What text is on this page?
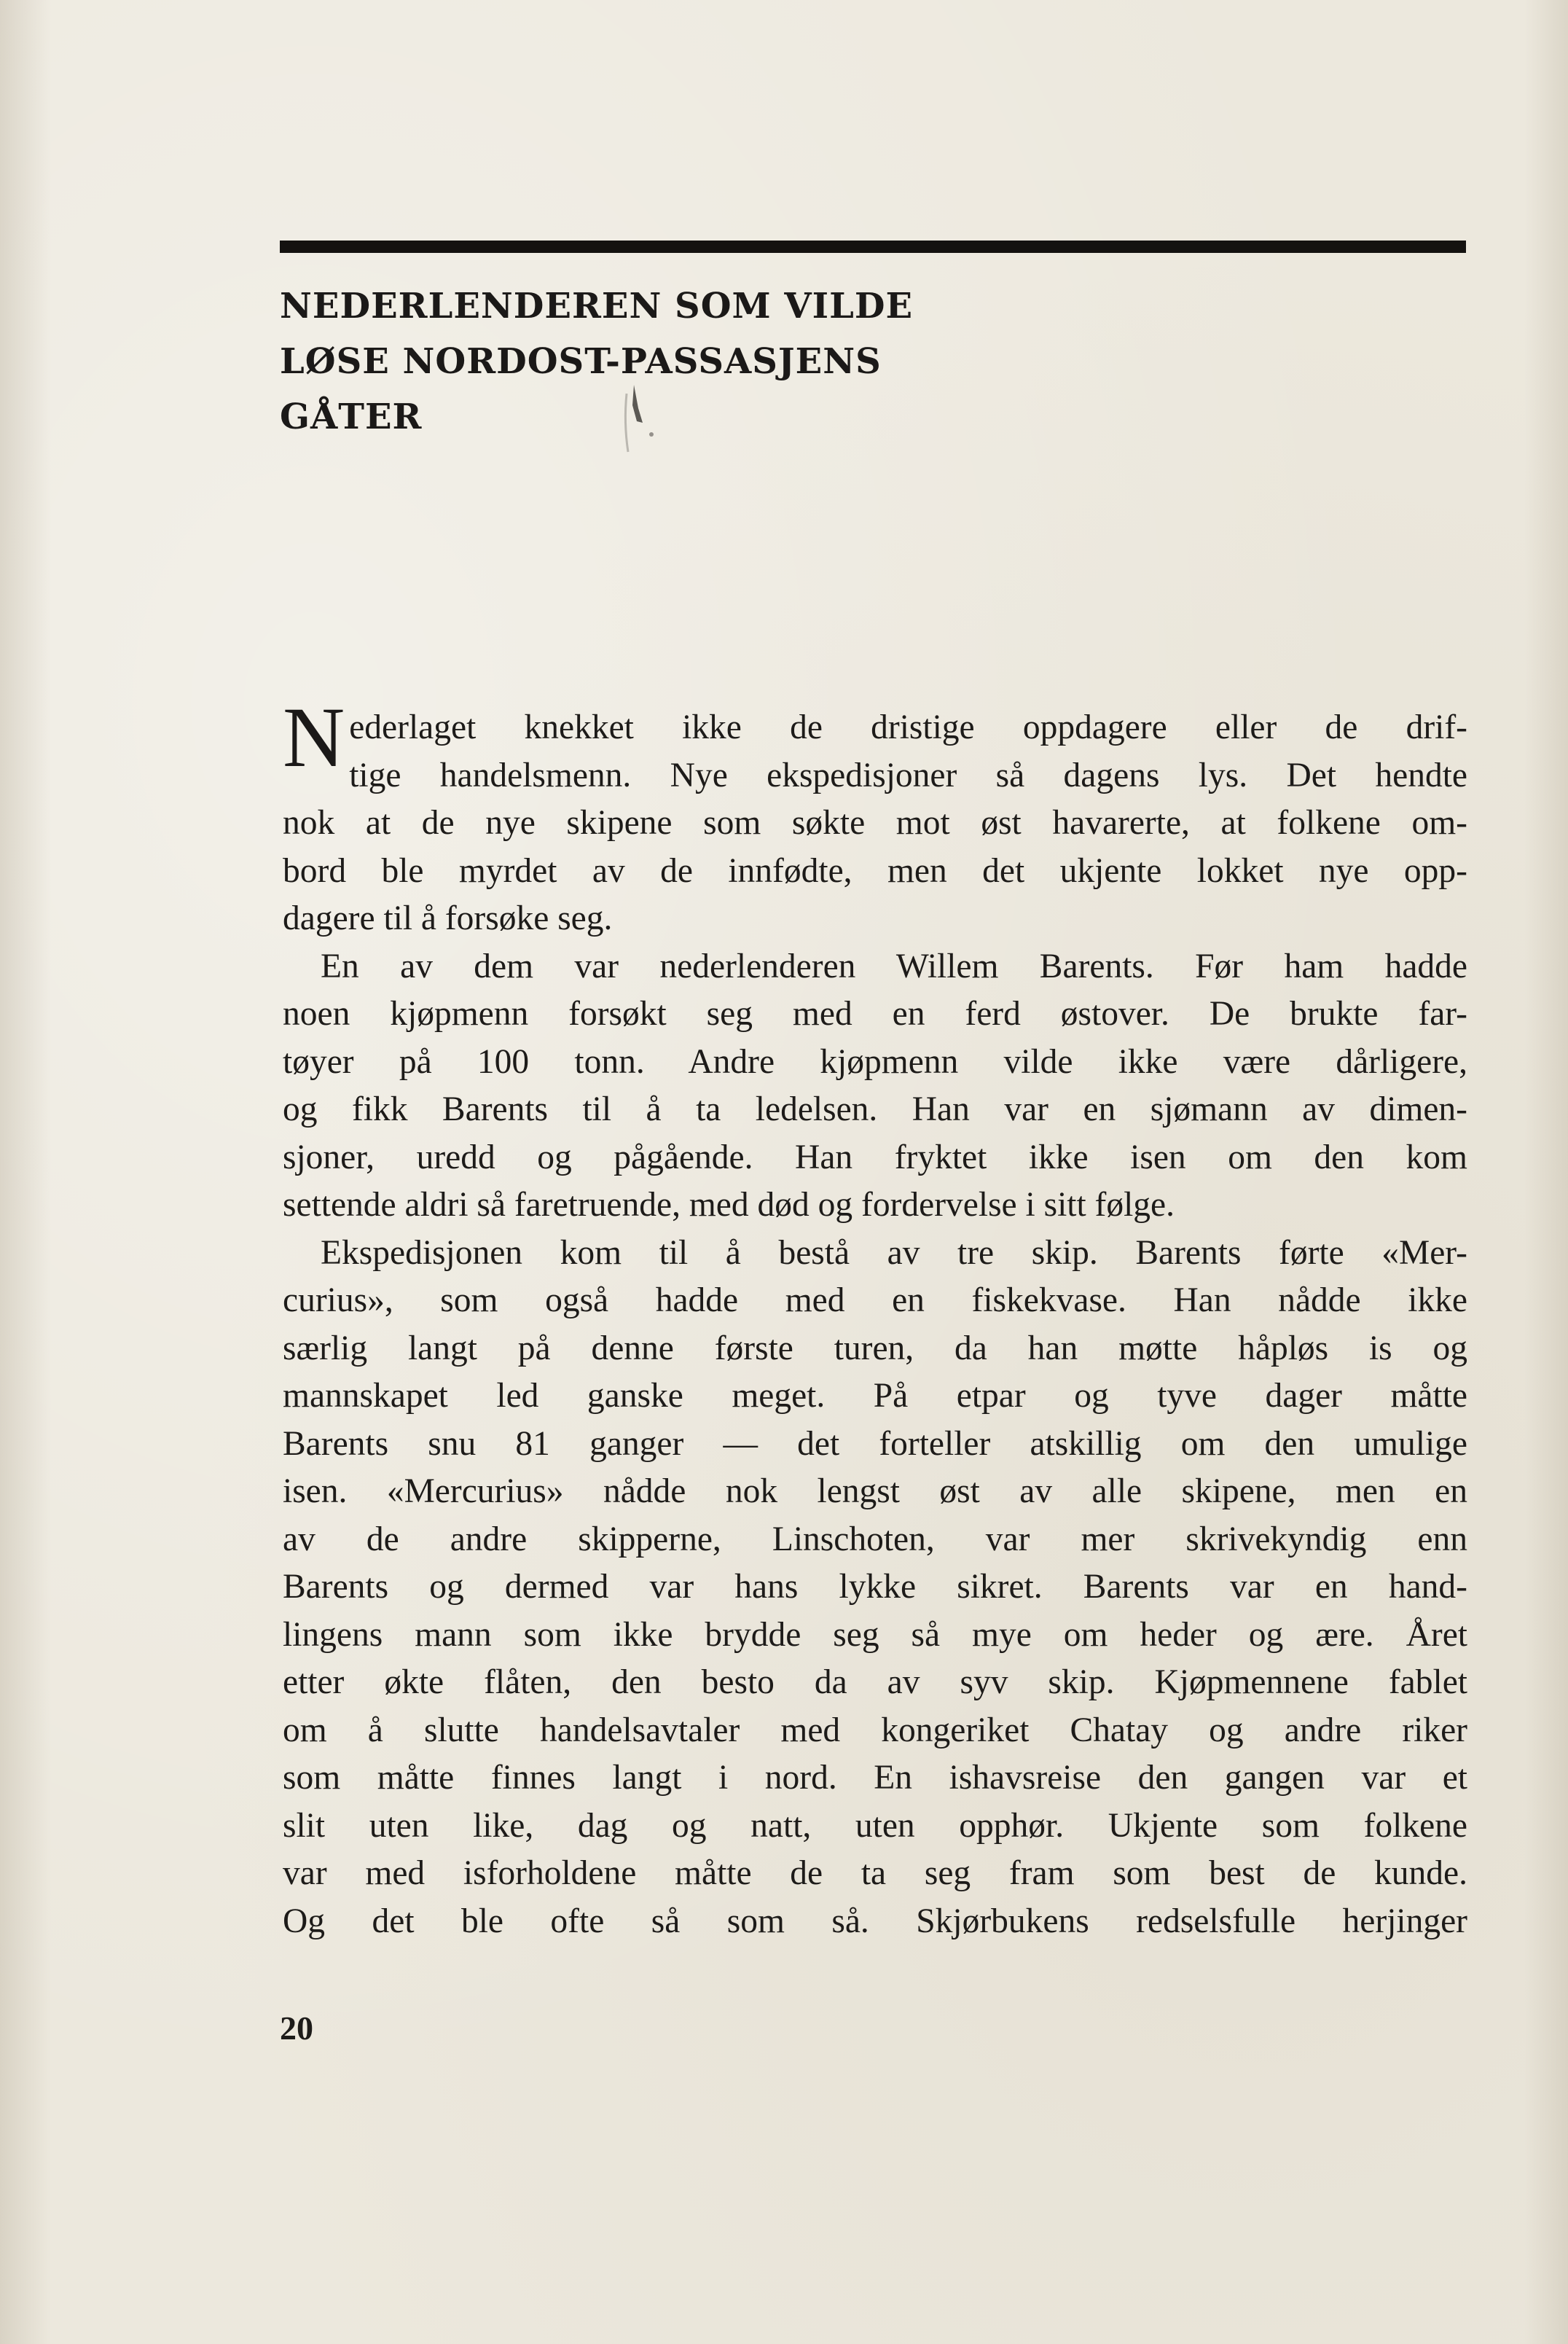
NEDERLENDEREN SOM VILDE
LØSE NORDOST-PASSASJENS
GÅTER

N ederlaget knekket ikke de dristige oppdagere eller de drif-
tige handelsmenn. Nye ekspedisjoner så dagens lys. Det hendte
nok at de nye skipene som søkte mot øst havarerte, at folkene om-
bord ble myrdet av de innfødte, men det ukjente lokket nye opp-

dagere til å forsøke seg.

En av dem var nederlenderen Willem Barents. Før ham hadde
noen kjøpmenn forsøkt seg med en ferd østover. De brukte far-
tøyer på 100 tonn. Andre kjøpmenn vilde ikke være dårligere,
og fikk Barents til å ta ledelsen. Han var en sjømann av dimen-
sjoner, uredd og pågående. Han fryktet ikke isen om den kom
settende aldri så faretruende, med død og fordervelse i sitt følge.

Ekspedisjonen kom til å bestå av tre skip. Barents førte «Mer-
curius», som også hadde med en fiskekvase. Han nådde ikke
særlig langt på denne første turen, da han møtte håpløs is og
mannskapet led ganske meget. På etpar og tyve dager måtte
Barents snu 81 ganger — det forteller atskillig om den umulige
isen. «Mercurius» nådde nok lengst øst av alle skipene, men en
av de andre skipperne, Linschoten, var mer skrivekyndig enn
Barents og dermed var hans lykke sikret. Barents var en hand-
lingens mann som ikke brydde seg så mye om heder og ære. Året
etter økte flåten, den besto da av syv skip. Kjøpmennene fablet
om å slutte handelsavtaler med kongeriket Chatay og andre riker
som måtte finnes langt i nord. En ishavsreise den gangen var et
slit uten like, dag og natt, uten opphør. Ukjente som folkene
var med isforholdene måtte de ta seg fram som best de kunde.
Og det ble ofte så som så. Skjørbukens redselsfulle herjinger

20
